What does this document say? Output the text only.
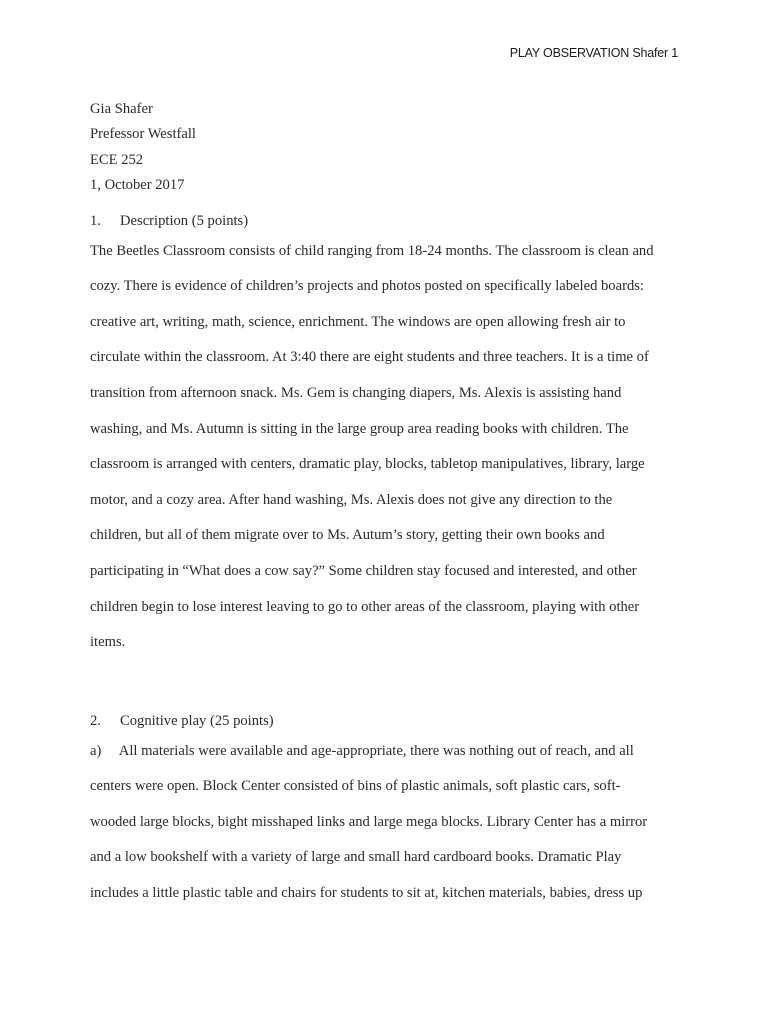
PLAY OBSERVATION Shafer 1
Gia Shafer
Prefessor Westfall
ECE 252
1, October 2017
1. Description (5 points)
The Beetles Classroom consists of child ranging from 18-24 months. The classroom is clean and
cozy. There is evidence of children’s projects and photos posted on specifically labeled boards:
creative art, writing, math, science, enrichment. The windows are open allowing fresh air to
circulate within the classroom. At 3:40 there are eight students and three teachers. It is a time of
transition from afternoon snack. Ms. Gem is changing diapers, Ms. Alexis is assisting hand
washing, and Ms. Autumn is sitting in the large group area reading books with children. The
classroom is arranged with centers, dramatic play, blocks, tabletop manipulatives, library, large
motor, and a cozy area. After hand washing, Ms. Alexis does not give any direction to the
children, but all of them migrate over to Ms. Autum’s story, getting their own books and
participating in “What does a cow say?” Some children stay focused and interested, and other
children begin to lose interest leaving to go to other areas of the classroom, playing with other
items.
2. Cognitive play (25 points)
a)     All materials were available and age-appropriate, there was nothing out of reach, and all
centers were open. Block Center consisted of bins of plastic animals, soft plastic cars, soft-
wooded large blocks, bight misshaped links and large mega blocks. Library Center has a mirror
and a low bookshelf with a variety of large and small hard cardboard books. Dramatic Play
includes a little plastic table and chairs for students to sit at, kitchen materials, babies, dress up
